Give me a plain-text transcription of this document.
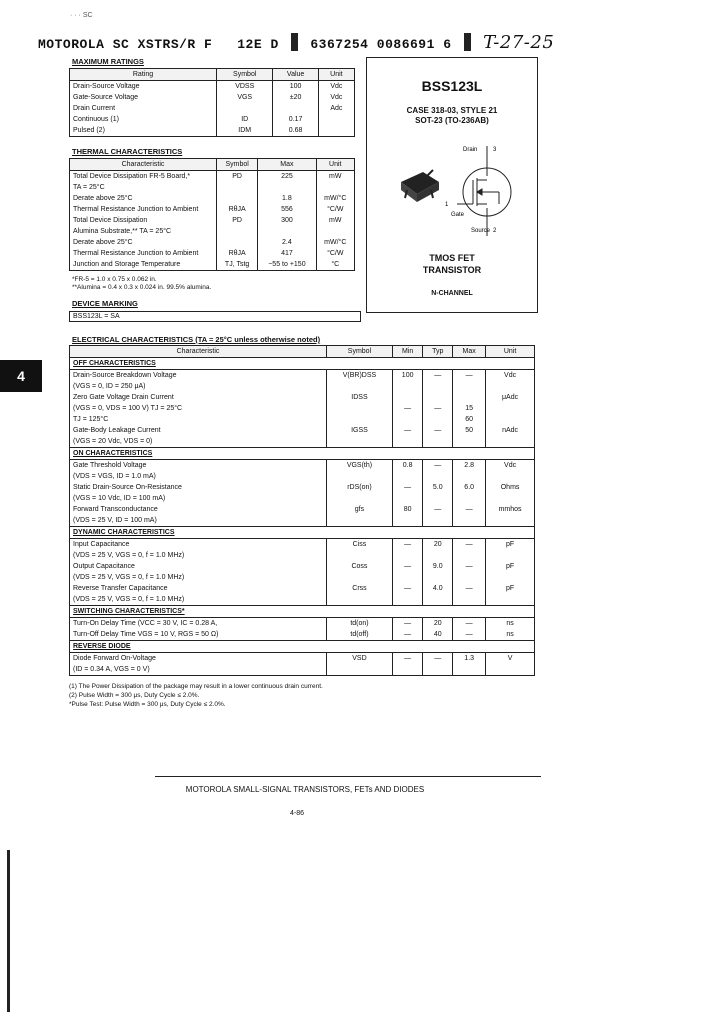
· · · SC
MOTOROLA SC XSTRS/R F 12E D 6367254 0086691 6 T-27-25
MAXIMUM RATINGS
Rating	Symbol	Value	Unit
Drain-Source Voltage	VDSS	100	Vdc
Gate-Source Voltage	VGS	±20	Vdc
Drain Current			Adc
Continuous (1)	ID	0.17	
Pulsed (2)	IDM	0.68	
THERMAL CHARACTERISTICS
Characteristic	Symbol	Max	Unit
Total Device Dissipation FR-5 Board,*	PD	225	mW
TA = 25°C			
Derate above 25°C		1.8	mW/°C
Thermal Resistance Junction to Ambient	RθJA	556	°C/W
Total Device Dissipation	PD	300	mW
Alumina Substrate,** TA = 25°C			
Derate above 25°C		2.4	mW/°C
Thermal Resistance Junction to Ambient	RθJA	417	°C/W
Junction and Storage Temperature	TJ, Tstg	−55 to +150	°C
*FR-5 = 1.0 x 0.75 x 0.062 in.
**Alumina = 0.4 x 0.3 x 0.024 in. 99.5% alumina.
DEVICE MARKING
BSS123L = SA
BSS123L
CASE 318-03, STYLE 21
SOT-23 (TO-236AB)
Drain	3
Gate
1
Source 2
TMOS FET
TRANSISTOR
N-CHANNEL
4
ELECTRICAL CHARACTERISTICS (TA = 25°C unless otherwise noted)
Characteristic	Symbol	Min	Typ	Max	Unit
OFF CHARACTERISTICS					
Drain-Source Breakdown Voltage	V(BR)DSS	100	—	—	Vdc
(VGS = 0, ID = 250 μA)					
Zero Gate Voltage Drain Current	IDSS				μAdc
(VGS = 0, VDS = 100 V) TJ = 25°C		—	—	15	
TJ = 125°C				60	
Gate-Body Leakage Current	IGSS	—	—	50	nAdc
(VGS = 20 Vdc, VDS = 0)					
ON CHARACTERISTICS					
Gate Threshold Voltage	VGS(th)	0.8	—	2.8	Vdc
(VDS = VGS, ID = 1.0 mA)					
Static Drain-Source On-Resistance	rDS(on)	—	5.0	6.0	Ohms
(VGS = 10 Vdc, ID = 100 mA)					
Forward Transconductance	gfs	80	—	—	mmhos
(VDS = 25 V, ID = 100 mA)					
DYNAMIC CHARACTERISTICS					
Input Capacitance	Ciss	—	20	—	pF
(VDS = 25 V, VGS = 0, f = 1.0 MHz)					
Output Capacitance	Coss	—	9.0	—	pF
(VDS = 25 V, VGS = 0, f = 1.0 MHz)					
Reverse Transfer Capacitance	Crss	—	4.0	—	pF
(VDS = 25 V, VGS = 0, f = 1.0 MHz)					
SWITCHING CHARACTERISTICS*					
Turn-On Delay Time (VCC = 30 V, IC = 0.28 A,	td(on)	—	20	—	ns
Turn-Off Delay Time VGS = 10 V, RGS = 50 Ω)	td(off)	—	40	—	ns
REVERSE DIODE					
Diode Forward On-Voltage	VSD	—	—	1.3	V
(ID = 0.34 A, VGS = 0 V)					
(1) The Power Dissipation of the package may result in a lower continuous drain current.
(2) Pulse Width = 300 μs, Duty Cycle ≤ 2.0%.
*Pulse Test: Pulse Width = 300 μs, Duty Cycle ≤ 2.0%.
MOTOROLA SMALL-SIGNAL TRANSISTORS, FETs AND DIODES
4-86
